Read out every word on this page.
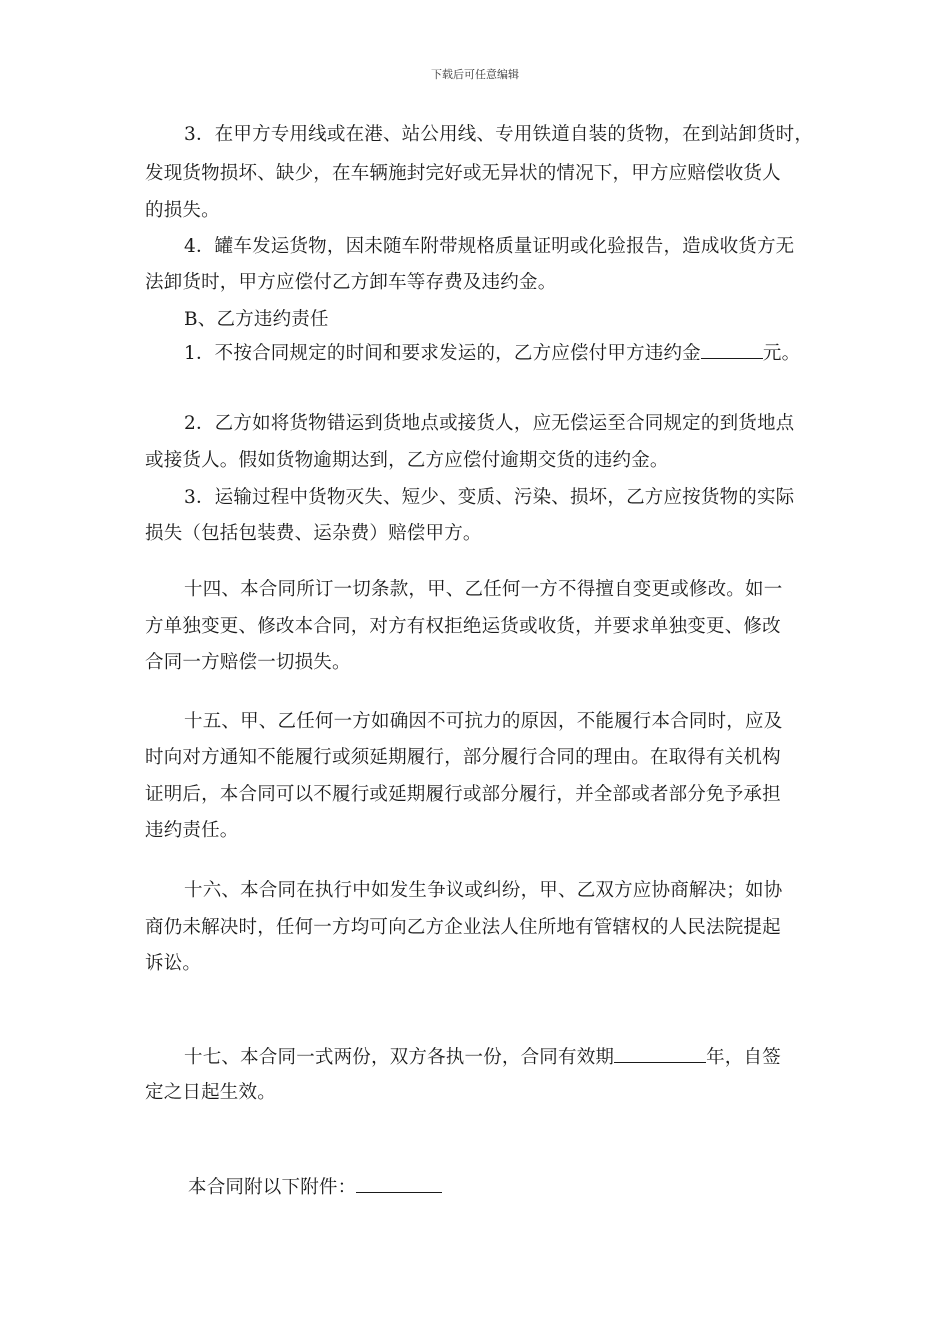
下载后可任意编辑
3．在甲方专用线或在港、站公用线、专用铁道自装的货物，在到站卸货时，
发现货物损坏、缺少，在车辆施封完好或无异状的情况下，甲方应赔偿收货人
的损失。
4．罐车发运货物，因未随车附带规格质量证明或化验报告，造成收货方无
法卸货时，甲方应偿付乙方卸车等存费及违约金。
B、乙方违约责任
1．不按合同规定的时间和要求发运的，乙方应偿付甲方违约金	元。
2．乙方如将货物错运到货地点或接货人，应无偿运至合同规定的到货地点
或接货人。假如货物逾期达到，乙方应偿付逾期交货的违约金。
3．运输过程中货物灭失、短少、变质、污染、损坏，乙方应按货物的实际
损失（包括包装费、运杂费）赔偿甲方。
十四、本合同所订一切条款，甲、乙任何一方不得擅自变更或修改。如一
方单独变更、修改本合同，对方有权拒绝运货或收货，并要求单独变更、修改
合同一方赔偿一切损失。
十五、甲、乙任何一方如确因不可抗力的原因，不能履行本合同时，应及
时向对方通知不能履行或须延期履行，部分履行合同的理由。在取得有关机构
证明后，本合同可以不履行或延期履行或部分履行，并全部或者部分免予承担
违约责任。
十六、本合同在执行中如发生争议或纠纷，甲、乙双方应协商解决；如协
商仍未解决时，任何一方均可向乙方企业法人住所地有管辖权的人民法院提起
诉讼。
十七、本合同一式两份，双方各执一份，合同有效期	年，自签
定之日起生效。
本合同附以下附件：
